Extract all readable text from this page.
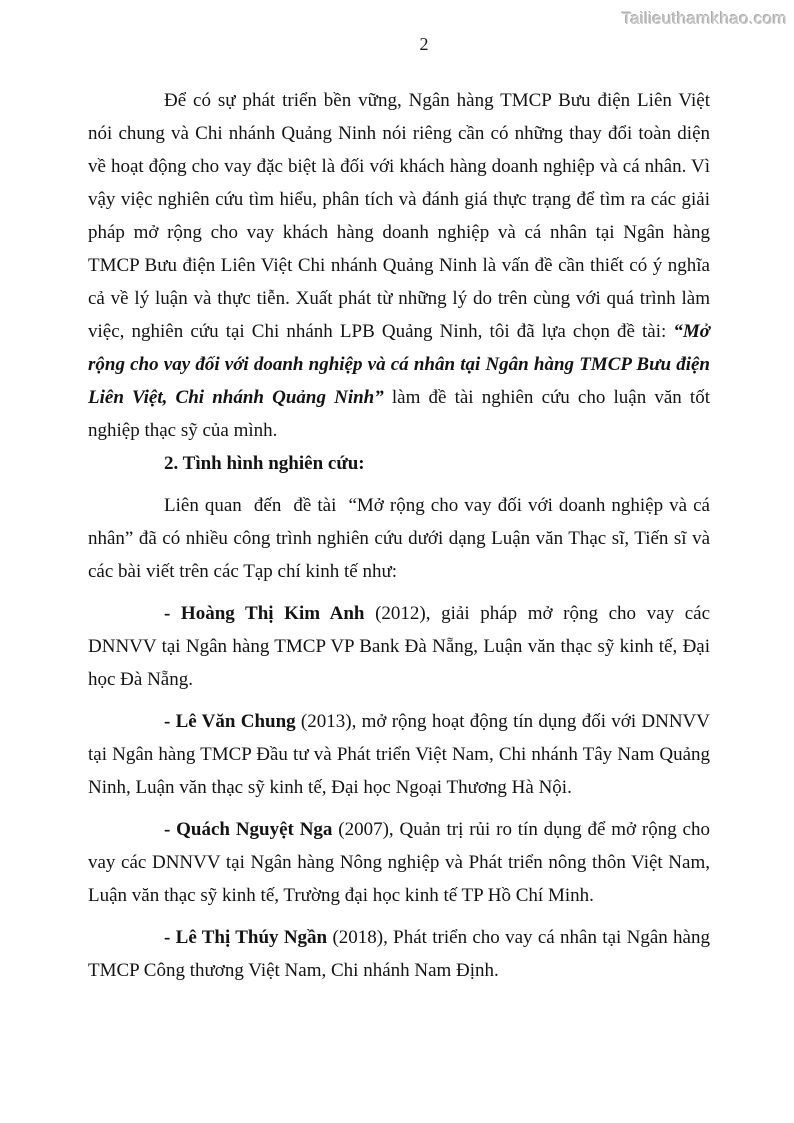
Tailieuthamkhao.com
2

Để có sự phát triển bền vững, Ngân hàng TMCP Bưu điện Liên Việt nói chung và Chi nhánh Quảng Ninh nói riêng cần có những thay đổi toàn diện về hoạt động cho vay đặc biệt là đối với khách hàng doanh nghiệp và cá nhân. Vì vậy việc nghiên cứu tìm hiểu, phân tích và đánh giá thực trạng để tìm ra các giải pháp mở rộng cho vay khách hàng doanh nghiệp và cá nhân tại Ngân hàng TMCP Bưu điện Liên Việt Chi nhánh Quảng Ninh là vấn đề cần thiết có ý nghĩa cả về lý luận và thực tiễn. Xuất phát từ những lý do trên cùng với quá trình làm việc, nghiên cứu tại Chi nhánh LPB Quảng Ninh, tôi đã lựa chọn đề tài: “Mở rộng cho vay đối với doanh nghiệp và cá nhân tại Ngân hàng TMCP Bưu điện Liên Việt, Chi nhánh Quảng Ninh” làm đề tài nghiên cứu cho luận văn tốt nghiệp thạc sỹ của mình.

2. Tình hình nghiên cứu:

Liên quan  đến  đề tài  “Mở rộng cho vay đối với doanh nghiệp và cá nhân” đã có nhiều công trình nghiên cứu dưới dạng Luận văn Thạc sĩ, Tiến sĩ và các bài viết trên các Tạp chí kinh tế như:

- Hoàng Thị Kim Anh (2012), giải pháp mở rộng cho vay các DNNVV tại Ngân hàng TMCP VP Bank Đà Nẵng, Luận văn thạc sỹ kinh tế, Đại học Đà Nẵng.

- Lê Văn Chung (2013), mở rộng hoạt động tín dụng đối với DNNVV tại Ngân hàng TMCP Đầu tư và Phát triển Việt Nam, Chi nhánh Tây Nam Quảng Ninh, Luận văn thạc sỹ kinh tế, Đại học Ngoại Thương Hà Nội.

- Quách Nguyệt Nga (2007), Quản trị rủi ro tín dụng để mở rộng cho vay các DNNVV tại Ngân hàng Nông nghiệp và Phát triển nông thôn Việt Nam, Luận văn thạc sỹ kinh tế, Trường đại học kinh tế TP Hồ Chí Minh.

- Lê Thị Thúy Ngần (2018), Phát triển cho vay cá nhân tại Ngân hàng TMCP Công thương Việt Nam, Chi nhánh Nam Định.
